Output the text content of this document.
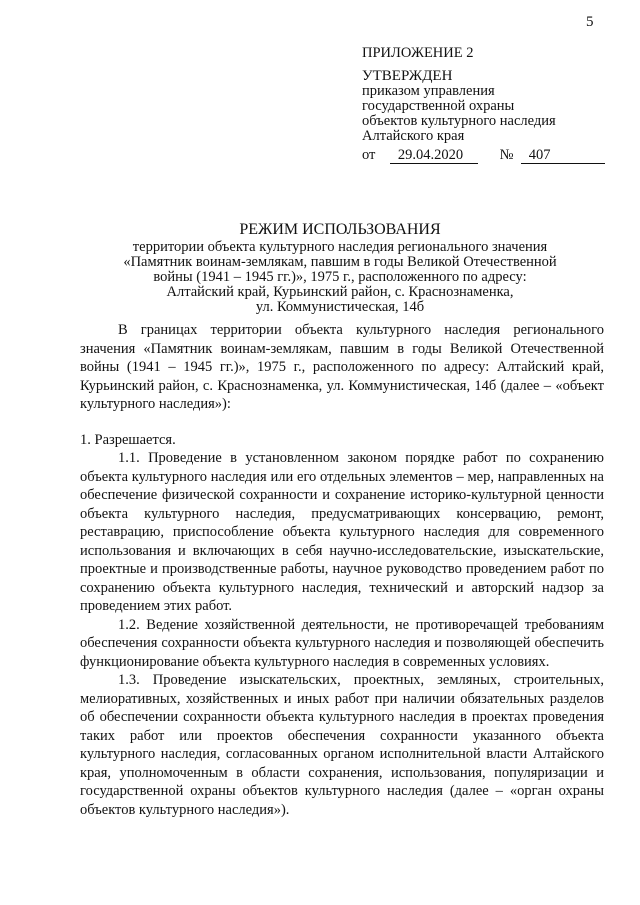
5
ПРИЛОЖЕНИЕ 2
УТВЕРЖДЕН
приказом управления
государственной охраны
объектов культурного наследия
Алтайского края
от 29.04.2020	№ 407
РЕЖИМ ИСПОЛЬЗОВАНИЯ
территории объекта культурного наследия регионального значения
«Памятник воинам-землякам, павшим в годы Великой Отечественной
войны (1941 – 1945 гг.)», 1975 г., расположенного по адресу:
Алтайский край, Курьинский район, с. Краснознаменка,
ул. Коммунистическая, 14б

В границах территории объекта культурного наследия регионального значения «Памятник воинам-землякам, павшим в годы Великой Отечественной войны (1941 – 1945 гг.)», 1975 г., расположенного по адресу: Алтайский край, Курьинский район, с. Краснознаменка, ул. Коммунистическая, 14б (далее – «объект культурного наследия»):

1. Разрешается.

1.1. Проведение в установленном законом порядке работ по сохранению объекта культурного наследия или его отдельных элементов – мер, направленных на обеспечение физической сохранности и сохранение историко-культурной ценности объекта культурного наследия, предусматривающих консервацию, ремонт, реставрацию, приспособление объекта культурного наследия для современного использования и включающих в себя научно-исследовательские, изыскательские, проектные и производственные работы, научное руководство проведением работ по сохранению объекта культурного наследия, технический и авторский надзор за проведением этих работ.

1.2. Ведение хозяйственной деятельности, не противоречащей требованиям обеспечения сохранности объекта культурного наследия и позволяющей обеспечить функционирование объекта культурного наследия в современных условиях.

1.3. Проведение изыскательских, проектных, земляных, строительных, мелиоративных, хозяйственных и иных работ при наличии обязательных разделов об обеспечении сохранности объекта культурного наследия в проектах проведения таких работ или проектов обеспечения сохранности указанного объекта культурного наследия, согласованных органом исполнительной власти Алтайского края, уполномоченным в области сохранения, использования, популяризации и государственной охраны объектов культурного наследия (далее – «орган охраны объектов культурного наследия»).
